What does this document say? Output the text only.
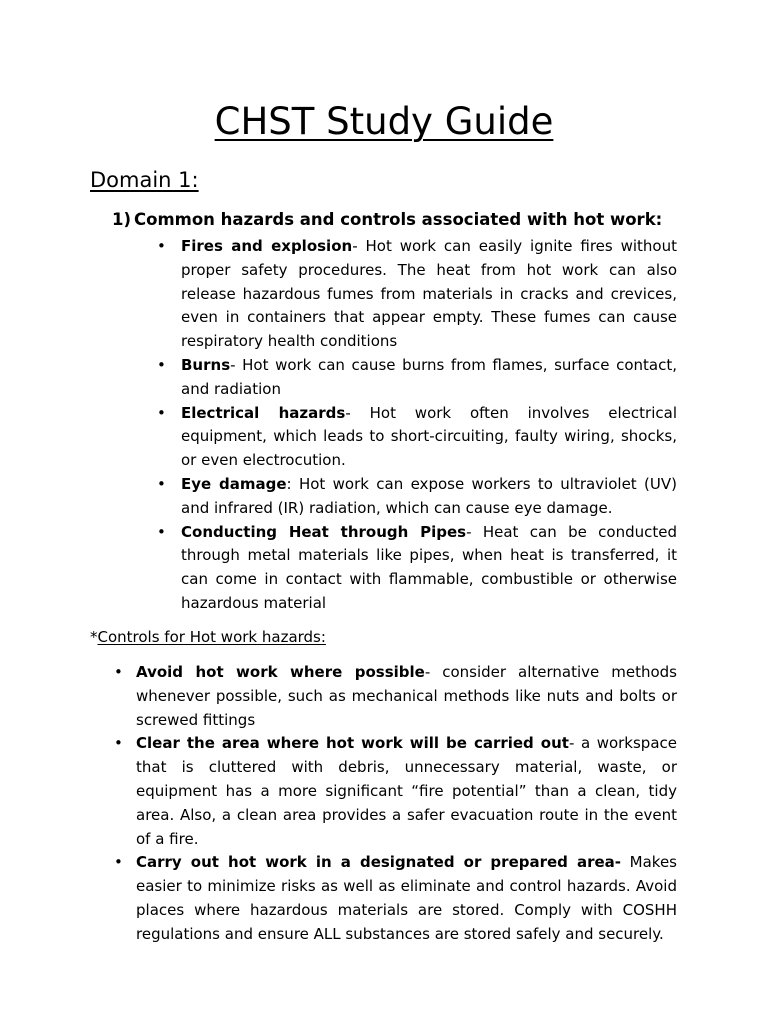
CHST Study Guide
Domain 1:
1) Common hazards and controls associated with hot work:
• Fires and explosion- Hot work can easily ignite fires without proper safety procedures. The heat from hot work can also release hazardous fumes from materials in cracks and crevices, even in containers that appear empty. These fumes can cause respiratory health conditions
• Burns- Hot work can cause burns from flames, surface contact, and radiation
• Electrical hazards- Hot work often involves electrical equipment, which leads to short-circuiting, faulty wiring, shocks, or even electrocution.
• Eye damage: Hot work can expose workers to ultraviolet (UV) and infrared (IR) radiation, which can cause eye damage.
• Conducting Heat through Pipes- Heat can be conducted through metal materials like pipes, when heat is transferred, it can come in contact with flammable, combustible or otherwise hazardous material
*Controls for Hot work hazards:
• Avoid hot work where possible- consider alternative methods whenever possible, such as mechanical methods like nuts and bolts or screwed fittings
• Clear the area where hot work will be carried out- a workspace that is cluttered with debris, unnecessary material, waste, or equipment has a more significant “fire potential” than a clean, tidy area. Also, a clean area provides a safer evacuation route in the event of a fire.
• Carry out hot work in a designated or prepared area- Makes easier to minimize risks as well as eliminate and control hazards. Avoid places where hazardous materials are stored. Comply with COSHH regulations and ensure ALL substances are stored safely and securely.
